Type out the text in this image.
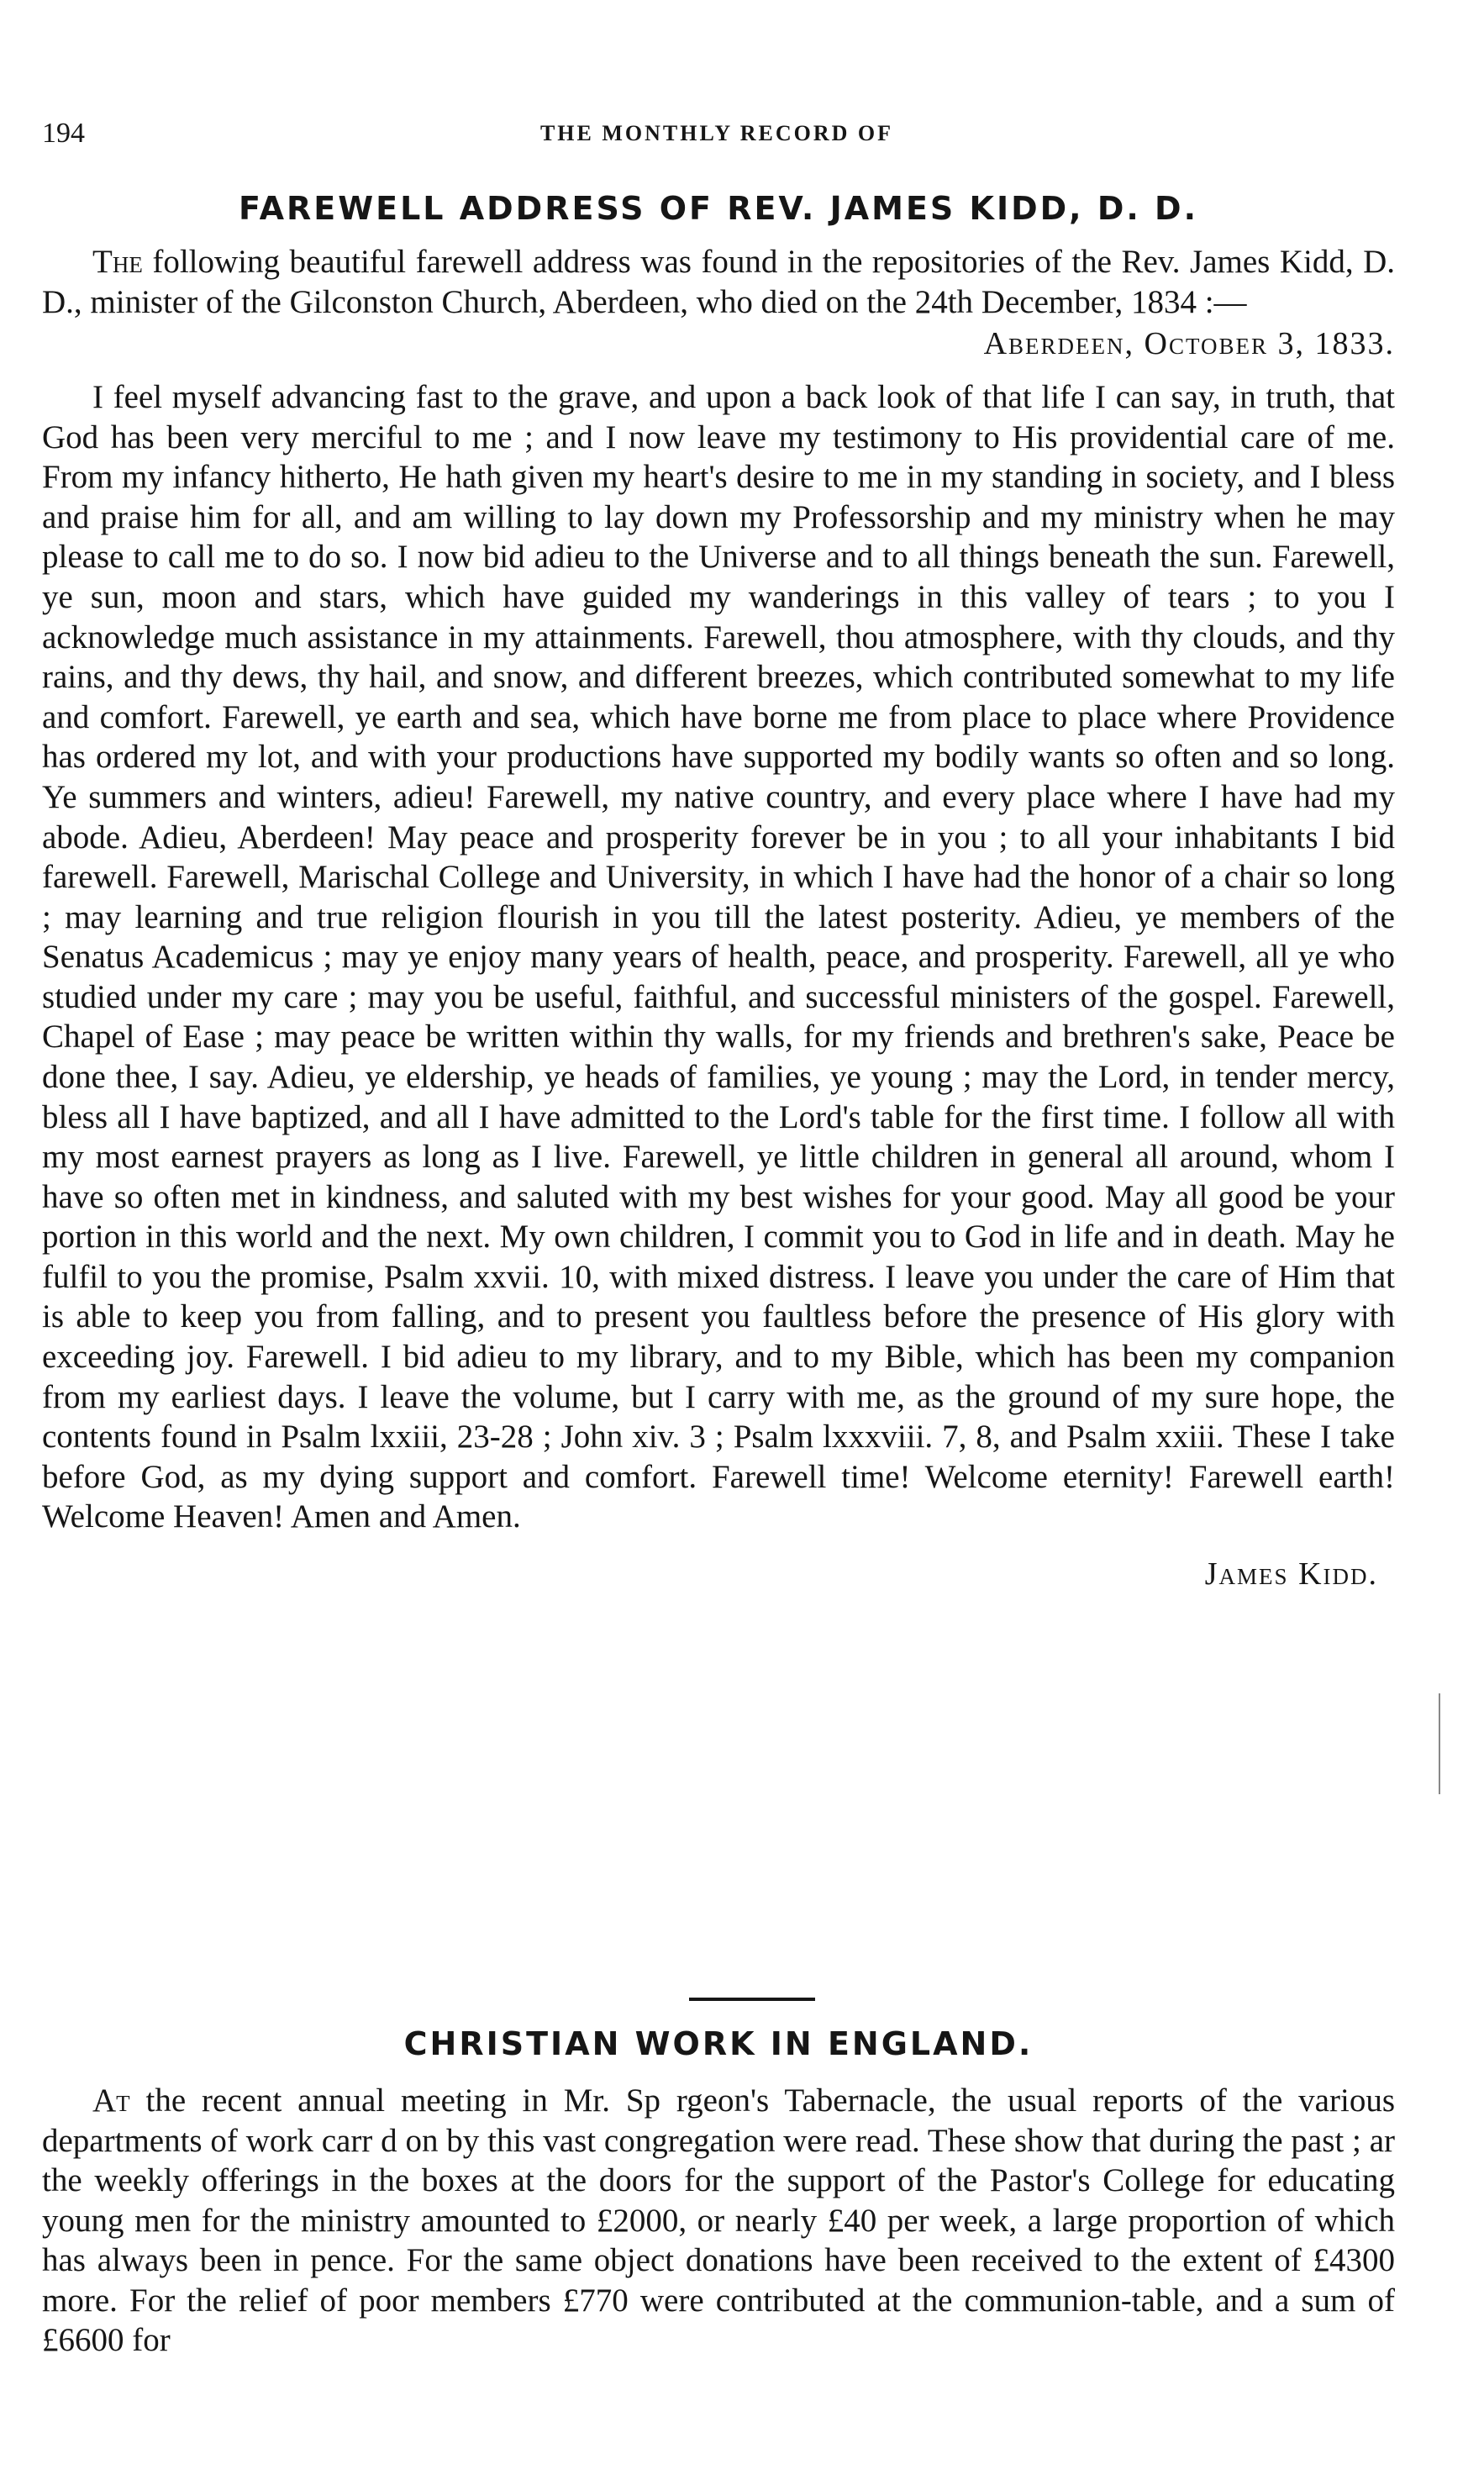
194	THE MONTHLY RECORD OF
FAREWELL ADDRESS OF REV. JAMES KIDD, D. D.

The following beautiful farewell address was found in the repositories of the Rev. James Kidd, D. D., minister of the Gilconston Church, Aberdeen, who died on the 24th December, 1834 :—

Aberdeen, October 3, 1833.

I feel myself advancing fast to the grave, and upon a back look of that life I can say, in truth, that God has been very merciful to me ; and I now leave my testimony to His providential care of me. From my infancy hitherto, He hath given my heart's desire to me in my standing in society, and I bless and praise him for all, and am willing to lay down my Professorship and my ministry when he may please to call me to do so. I now bid adieu to the Universe and to all things beneath the sun. Farewell, ye sun, moon and stars, which have guided my wanderings in this valley of tears ; to you I acknowledge much assistance in my attainments. Farewell, thou atmosphere, with thy clouds, and thy rains, and thy dews, thy hail, and snow, and different breezes, which contributed somewhat to my life and comfort. Farewell, ye earth and sea, which have borne me from place to place where Providence has ordered my lot, and with your productions have supported my bodily wants so often and so long. Ye summers and winters, adieu! Farewell, my native country, and every place where I have had my abode. Adieu, Aberdeen! May peace and prosperity forever be in you ; to all your inhabitants I bid farewell. Farewell, Marischal College and University, in which I have had the honor of a chair so long ; may learning and true religion flourish in you till the latest posterity. Adieu, ye members of the Senatus Academicus ; may ye enjoy many years of health, peace, and prosperity. Farewell, all ye who studied under my care ; may you be useful, faithful, and successful ministers of the gospel. Farewell, Chapel of Ease ; may peace be written within thy walls, for my friends and brethren's sake, Peace be done thee, I say. Adieu, ye eldership, ye heads of families, ye young ; may the Lord, in tender mercy, bless all I have baptized, and all I have admitted to the Lord's table for the first time. I follow all with my most earnest prayers as long as I live. Farewell, ye little children in general all around, whom I have so often met in kindness, and saluted with my best wishes for your good. May all good be your portion in this world and the next. My own children, I commit you to God in life and in death. May he fulfil to you the promise, Psalm xxvii. 10, with mixed distress. I leave you under the care of Him that is able to keep you from falling, and to present you faultless before the presence of His glory with exceeding joy. Farewell. I bid adieu to my library, and to my Bible, which has been my companion from my earliest days. I leave the volume, but I carry with me, as the ground of my sure hope, the contents found in Psalm lxxiii, 23-28 ; John xiv. 3 ; Psalm lxxxviii. 7, 8, and Psalm xxiii. These I take before God, as my dying support and comfort. Farewell time! Welcome eternity! Farewell earth! Welcome Heaven! Amen and Amen.

James Kidd.
CHRISTIAN WORK IN ENGLAND.

At the recent annual meeting in Mr. Sp rgeon's Tabernacle, the usual reports of the various departments of work carr d on by this vast congregation were read. These show that during the past ; ar the weekly offerings in the boxes at the doors for the support of the Pastor's College for educating young men for the ministry amounted to £2000, or nearly £40 per week, a large proportion of which has always been in pence. For the same object donations have been received to the extent of £4300 more. For the relief of poor members £770 were contributed at the communion-table, and a sum of £6600 for
